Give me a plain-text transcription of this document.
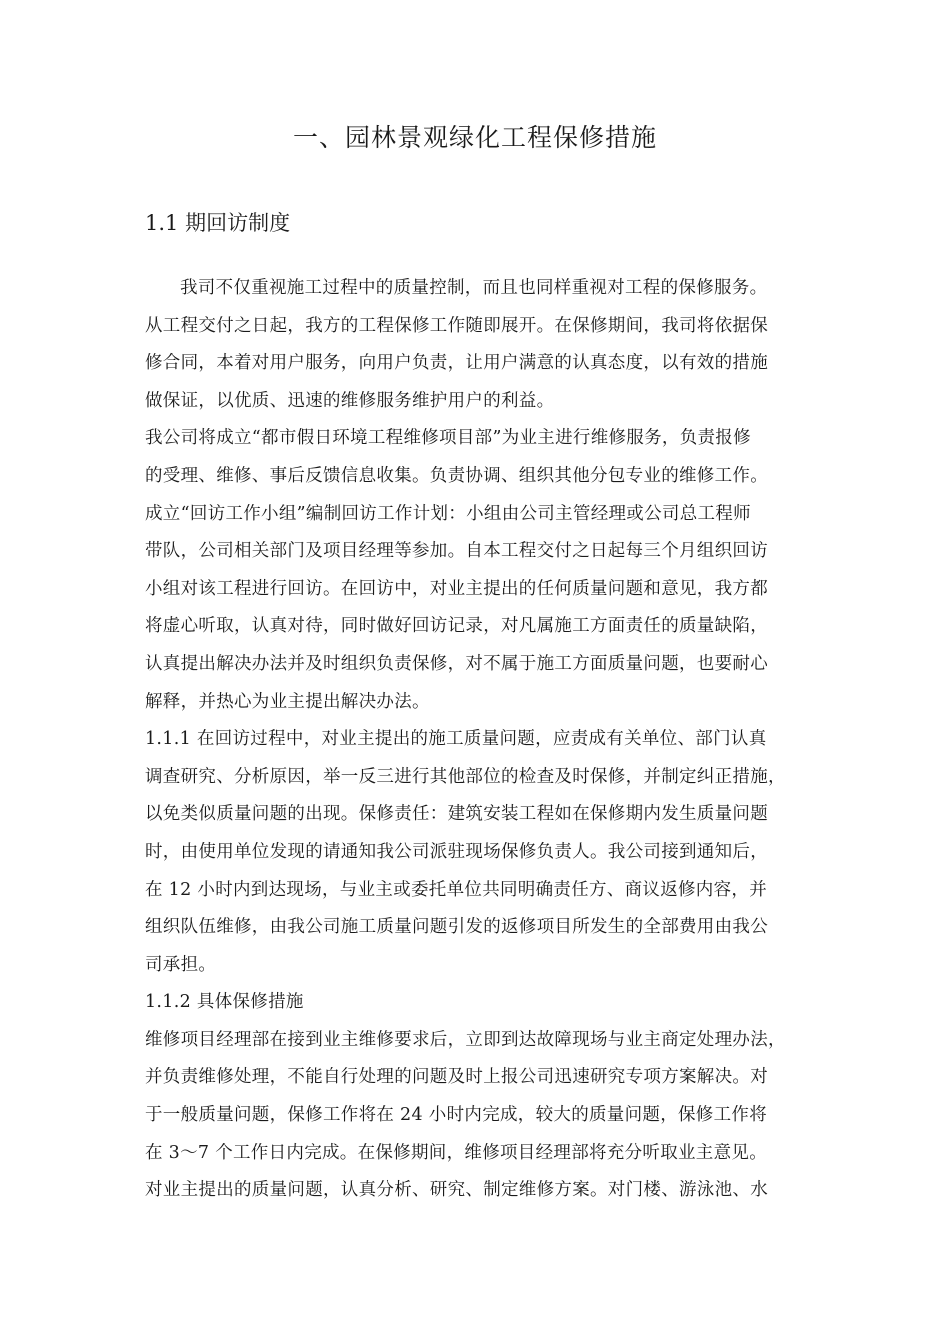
一、园林景观绿化工程保修措施
1.1 期回访制度
我司不仅重视施工过程中的质量控制，而且也同样重视对工程的保修服务。
从工程交付之日起，我方的工程保修工作随即展开。在保修期间，我司将依据保
修合同，本着对用户服务，向用户负责，让用户满意的认真态度，以有效的措施
做保证，以优质、迅速的维修服务维护用户的利益。
我公司将成立“都市假日环境工程维修项目部”为业主进行维修服务，负责报修
的受理、维修、事后反馈信息收集。负责协调、组织其他分包专业的维修工作。
成立“回访工作小组”编制回访工作计划：小组由公司主管经理或公司总工程师
带队，公司相关部门及项目经理等参加。自本工程交付之日起每三个月组织回访
小组对该工程进行回访。在回访中，对业主提出的任何质量问题和意见，我方都
将虚心听取，认真对待，同时做好回访记录，对凡属施工方面责任的质量缺陷，
认真提出解决办法并及时组织负责保修，对不属于施工方面质量问题，也要耐心
解释，并热心为业主提出解决办法。
1.1.1 在回访过程中，对业主提出的施工质量问题，应责成有关单位、部门认真
调查研究、分析原因，举一反三进行其他部位的检查及时保修，并制定纠正措施，
以免类似质量问题的出现。保修责任：建筑安装工程如在保修期内发生质量问题
时，由使用单位发现的请通知我公司派驻现场保修负责人。我公司接到通知后，
在 12 小时内到达现场，与业主或委托单位共同明确责任方、商议返修内容，并
组织队伍维修，由我公司施工质量问题引发的返修项目所发生的全部费用由我公
司承担。
1.1.2 具体保修措施
维修项目经理部在接到业主维修要求后，立即到达故障现场与业主商定处理办法，
并负责维修处理，不能自行处理的问题及时上报公司迅速研究专项方案解决。对
于一般质量问题，保修工作将在 24 小时内完成，较大的质量问题，保修工作将
在 3～7 个工作日内完成。在保修期间，维修项目经理部将充分听取业主意见。
对业主提出的质量问题，认真分析、研究、制定维修方案。对门楼、游泳池、水
